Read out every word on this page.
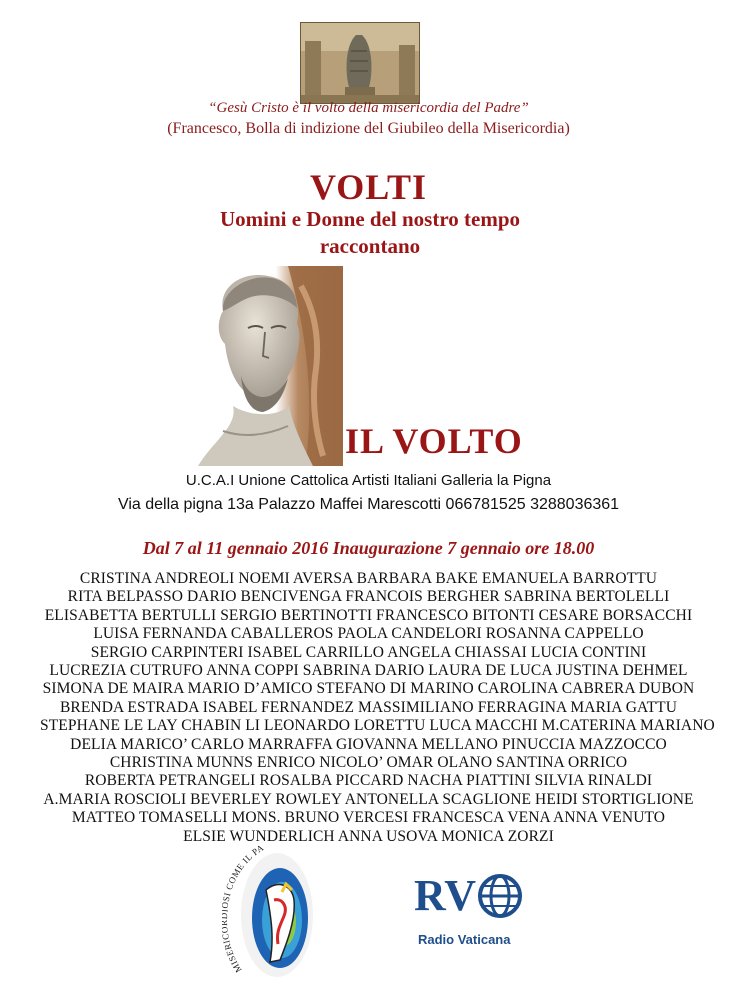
“Gesù Cristo è il volto della misericordia del Padre”
(Francesco, Bolla di indizione del Giubileo della Misericordia)
VOLTI
Uomini e Donne del nostro tempo
raccontano
IL VOLTO
U.C.A.I Unione Cattolica Artisti Italiani Galleria la Pigna
Via della pigna 13a Palazzo Maffei Marescotti 066781525 3288036361
Dal 7 al 11 gennaio 2016 Inaugurazione 7 gennaio ore 18.00
CRISTINA ANDREOLI NOEMI AVERSA BARBARA BAKE EMANUELA BARROTTU
RITA BELPASSO DARIO BENCIVENGA FRANCOIS BERGHER SABRINA BERTOLELLI
ELISABETTA BERTULLI SERGIO BERTINOTTI FRANCESCO BITONTI CESARE BORSACCHI
LUISA FERNANDA CABALLEROS PAOLA CANDELORI ROSANNA CAPPELLO
SERGIO CARPINTERI ISABEL CARRILLO ANGELA CHIASSAI LUCIA CONTINI
LUCREZIA CUTRUFO ANNA COPPI SABRINA DARIO LAURA DE LUCA JUSTINA DEHMEL
SIMONA DE MAIRA MARIO D’AMICO STEFANO DI MARINO CAROLINA CABRERA DUBON
BRENDA ESTRADA ISABEL FERNANDEZ MASSIMILIANO FERRAGINA MARIA GATTU
STEPHANE LE LAY CHABIN LI LEONARDO LORETTU LUCA MACCHI M.CATERINA MARIANO
DELIA MARICO’ CARLO MARRAFFA GIOVANNA MELLANO PINUCCIA MAZZOCCO
CHRISTINA MUNNS ENRICO NICOLO’ OMAR OLANO SANTINA ORRICO
ROBERTA PETRANGELI ROSALBA PICCARD NACHA PIATTINI SILVIA RINALDI
A.MARIA ROSCIOLI BEVERLEY ROWLEY ANTONELLA SCAGLIONE HEIDI STORTIGLIONE
MATTEO TOMASELLI MONS. BRUNO VERCESI FRANCESCA VENA ANNA VENUTO
ELSIE WUNDERLICH ANNA USOVA MONICA ZORZI
MISERI I COME IL PA
RV
Radio Vaticana
